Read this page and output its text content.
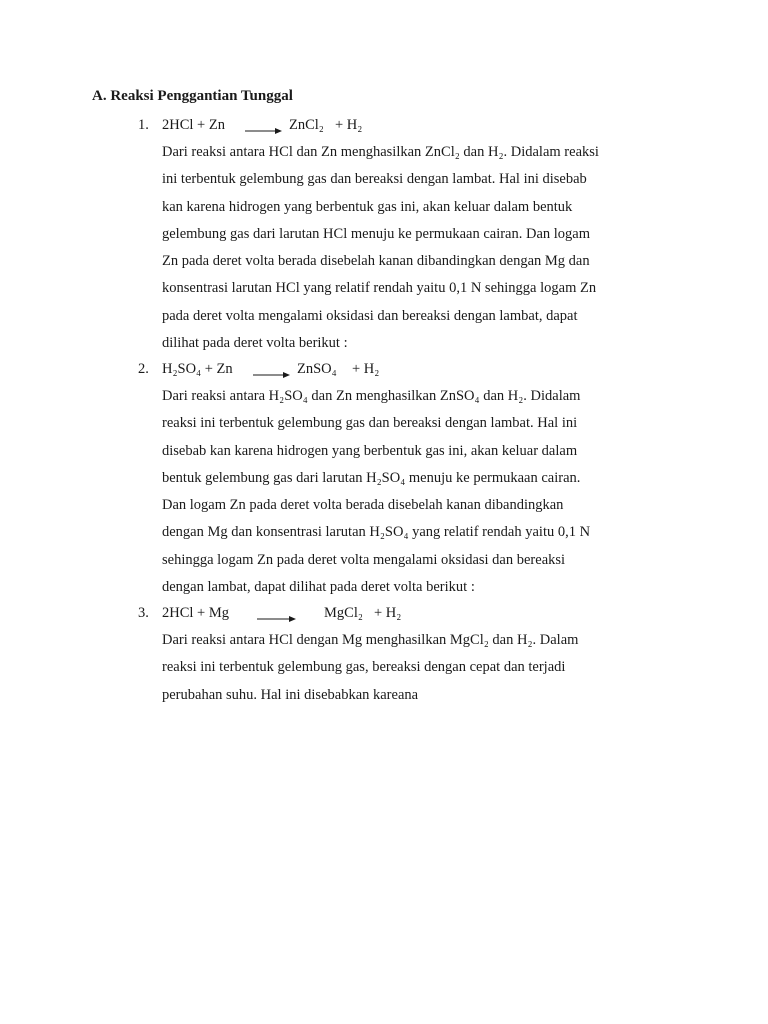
A. Reaksi Penggantian Tunggal
1. 2HCl + Zn → ZnCl₂ + H₂
Dari reaksi antara HCl dan Zn menghasilkan ZnCl₂ dan H₂. Didalam reaksi
ini terbentuk gelembung gas dan bereaksi dengan lambat. Hal ini disebab
kan karena hidrogen yang berbentuk gas ini, akan keluar dalam bentuk
gelembung gas dari larutan HCl menuju ke permukaan cairan. Dan logam
Zn pada deret volta berada disebelah kanan dibandingkan dengan Mg dan
konsentrasi larutan HCl yang relatif rendah yaitu 0,1 N sehingga logam Zn
pada deret volta mengalami oksidasi dan bereaksi dengan lambat, dapat
dilihat pada deret volta berikut :
2. H₂SO₄ + Zn → ZnSO₄ + H₂
Dari reaksi antara H₂SO₄ dan Zn menghasilkan ZnSO₄ dan H₂. Didalam
reaksi ini terbentuk gelembung gas dan bereaksi dengan lambat. Hal ini
disebab kan karena hidrogen yang berbentuk gas ini, akan keluar dalam
bentuk gelembung gas dari larutan H₂SO₄ menuju ke permukaan cairan.
Dan logam Zn pada deret volta berada disebelah kanan dibandingkan
dengan Mg dan konsentrasi larutan H₂SO₄ yang relatif rendah yaitu 0,1 N
sehingga logam Zn pada deret volta mengalami oksidasi dan bereaksi
dengan lambat, dapat dilihat pada deret volta berikut :
3. 2HCl + Mg	MgCl₂ + H₂
Dari reaksi antara HCl dengan Mg menghasilkan MgCl₂ dan H₂. Dalam
reaksi ini terbentuk gelembung gas, bereaksi dengan cepat dan terjadi
perubahan suhu. Hal ini disebabkan kareana
